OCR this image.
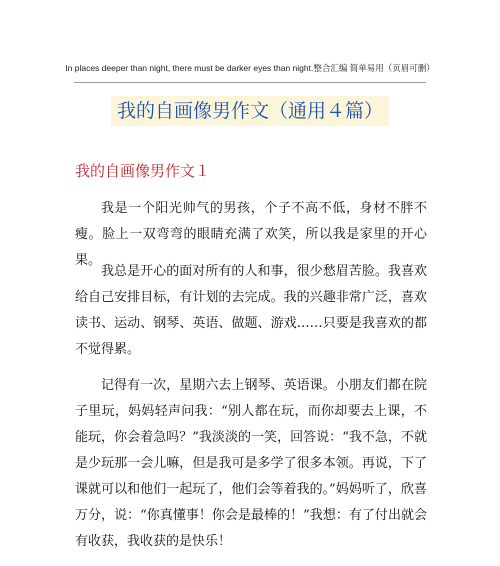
In places deeper than night, there must be darker eyes than night.整合汇编 简单易用（页眉可删）
我的自画像男作文（通用４篇）
我的自画像男作文１

我是一个阳光帅气的男孩，个子不高不低，身材不胖不瘦。脸上一双弯弯的眼睛充满了欢笑，所以我是家里的开心果。

我总是开心的面对所有的人和事，很少愁眉苦脸。我喜欢给自己安排目标，有计划的去完成。我的兴趣非常广泛，喜欢读书、运动、钢琴、英语、做题、游戏……只要是我喜欢的都不觉得累。

记得有一次，星期六去上钢琴、英语课。小朋友们都在院子里玩，妈妈轻声问我：“别人都在玩，而你却要去上课，不能玩，你会着急吗？”我淡淡的一笑，回答说：“我不急，不就是少玩那一会儿嘛，但是我可是多学了很多本领。再说，下了课就可以和他们一起玩了，他们会等着我的。”妈妈听了，欣喜万分，说：“你真懂事！你会是最棒的！”我想：有了付出就会有收获，我收获的是快乐！
